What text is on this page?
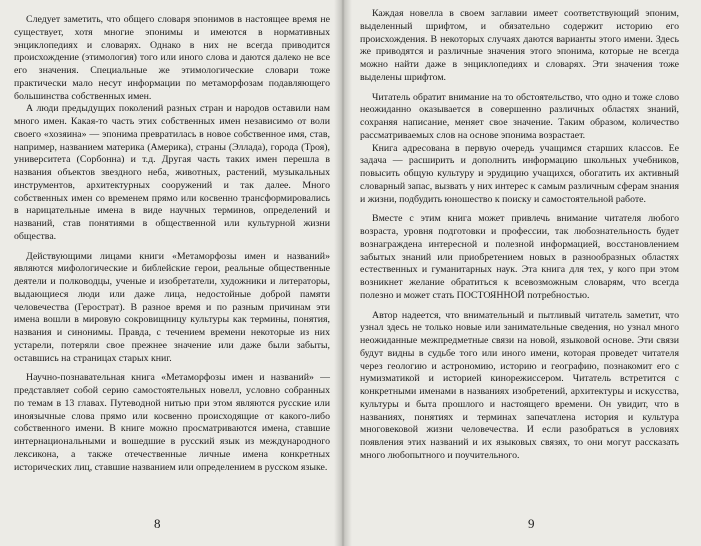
Следует заметить, что общего словаря эпонимов в настоящее время не существует, хотя многие эпонимы и имеются в нормативных энциклопедиях и словарях. Однако в них не всегда приводится происхождение (этимология) того или иного слова и даются далеко не все его значения. Специальные же этимологические словари тоже практически мало несут информации по метаморфозам подавляющего большинства собственных имен.

А люди предыдущих поколений разных стран и народов оставили нам много имен. Какая-то часть этих собственных имен независимо от воли своего «хозяина» — эпонима превратилась в новое собственное имя, став, например, названием материка (Америка), страны (Эллада), города (Троя), университета (Сорбонна) и т.д. Другая часть таких имен перешла в названия объектов звездного неба, животных, растений, музыкальных инструментов, архитектурных сооружений и так далее. Много собственных имен со временем прямо или косвенно трансформировались в нарицательные имена в виде научных терминов, определений и названий, став понятиями в общественной или культурной жизни общества.

Действующими лицами книги «Метаморфозы имен и названий» являются мифологические и библейские герои, реальные общественные деятели и полководцы, ученые и изобретатели, художники и литераторы, выдающиеся люди или даже лица, недостойные доброй памяти человечества (Герострат). В разное время и по разным причинам эти имена вошли в мировую сокровищницу культуры как термины, понятия, названия и синонимы. Правда, с течением времени некоторые из них устарели, потеряли свое прежнее значение или даже были забыты, оставшись на страницах старых книг.

Научно-познавательная книга «Метаморфозы имен и названий» — представляет собой серию самостоятельных новелл, условно собранных по темам в 13 главах. Путеводной нитью при этом являются русские или иноязычные слова прямо или косвенно происходящие от какого-либо собственного имени. В книге можно просматриваются имена, ставшие интернациональными и вошедшие в русский язык из международного лексикона, а также отечественные личные имена конкретных исторических лиц, ставшие названием или определением в русском языке.

8

Каждая новелла в своем заглавии имеет соответствующий эпоним, выделенный шрифтом, и обязательно содержит историю его происхождения. В некоторых случаях даются варианты этого имени. Здесь же приводятся и различные значения этого эпонима, которые не всегда можно найти даже в энциклопедиях и словарях. Эти значения тоже выделены шрифтом.

Читатель обратит внимание на то обстоятельство, что одно и тоже слово неожиданно оказывается в совершенно различных областях знаний, сохраняя написание, меняет свое значение. Таким образом, количество рассматриваемых слов на основе эпонима возрастает.

Книга адресована в первую очередь учащимся старших классов. Ее задача — расширить и дополнить информацию школьных учебников, повысить общую культуру и эрудицию учащихся, обогатить их активный словарный запас, вызвать у них интерес к самым различным сферам знания и жизни, подбудить юношество к поиску и самостоятельной работе.

Вместе с этим книга может привлечь внимание читателя любого возраста, уровня подготовки и профессии, так любознательность будет вознаграждена интересной и полезной информацией, восстановлением забытых знаний или приобретением новых в разнообразных областях естественных и гуманитарных наук. Эта книга для тех, у кого при этом возникнет желание обратиться к всевозможным словарям, что всегда полезно и может стать ПОСТОЯННОЙ потребностью.

Автор надеется, что внимательный и пытливый читатель заметит, что узнал здесь не только новые или занимательные сведения, но узнал много неожиданные межпредметные связи на новой, языковой основе. Эти связи будут видны в судьбе того или иного имени, которая проведет читателя через геологию и астрономию, историю и географию, познакомит его с нумизматикой и историей кинорежиссером. Читатель встретится с конкретными именами в названиях изобретений, архитектуры и искусства, культуры и быта прошлого и настоящего времени. Он увидит, что в названиях, понятиях и терминах запечатлена история и культура многовековой жизни человечества. И если разобраться в условиях появления этих названий и их языковых связях, то они могут рассказать много любопытного и поучительного.

9
